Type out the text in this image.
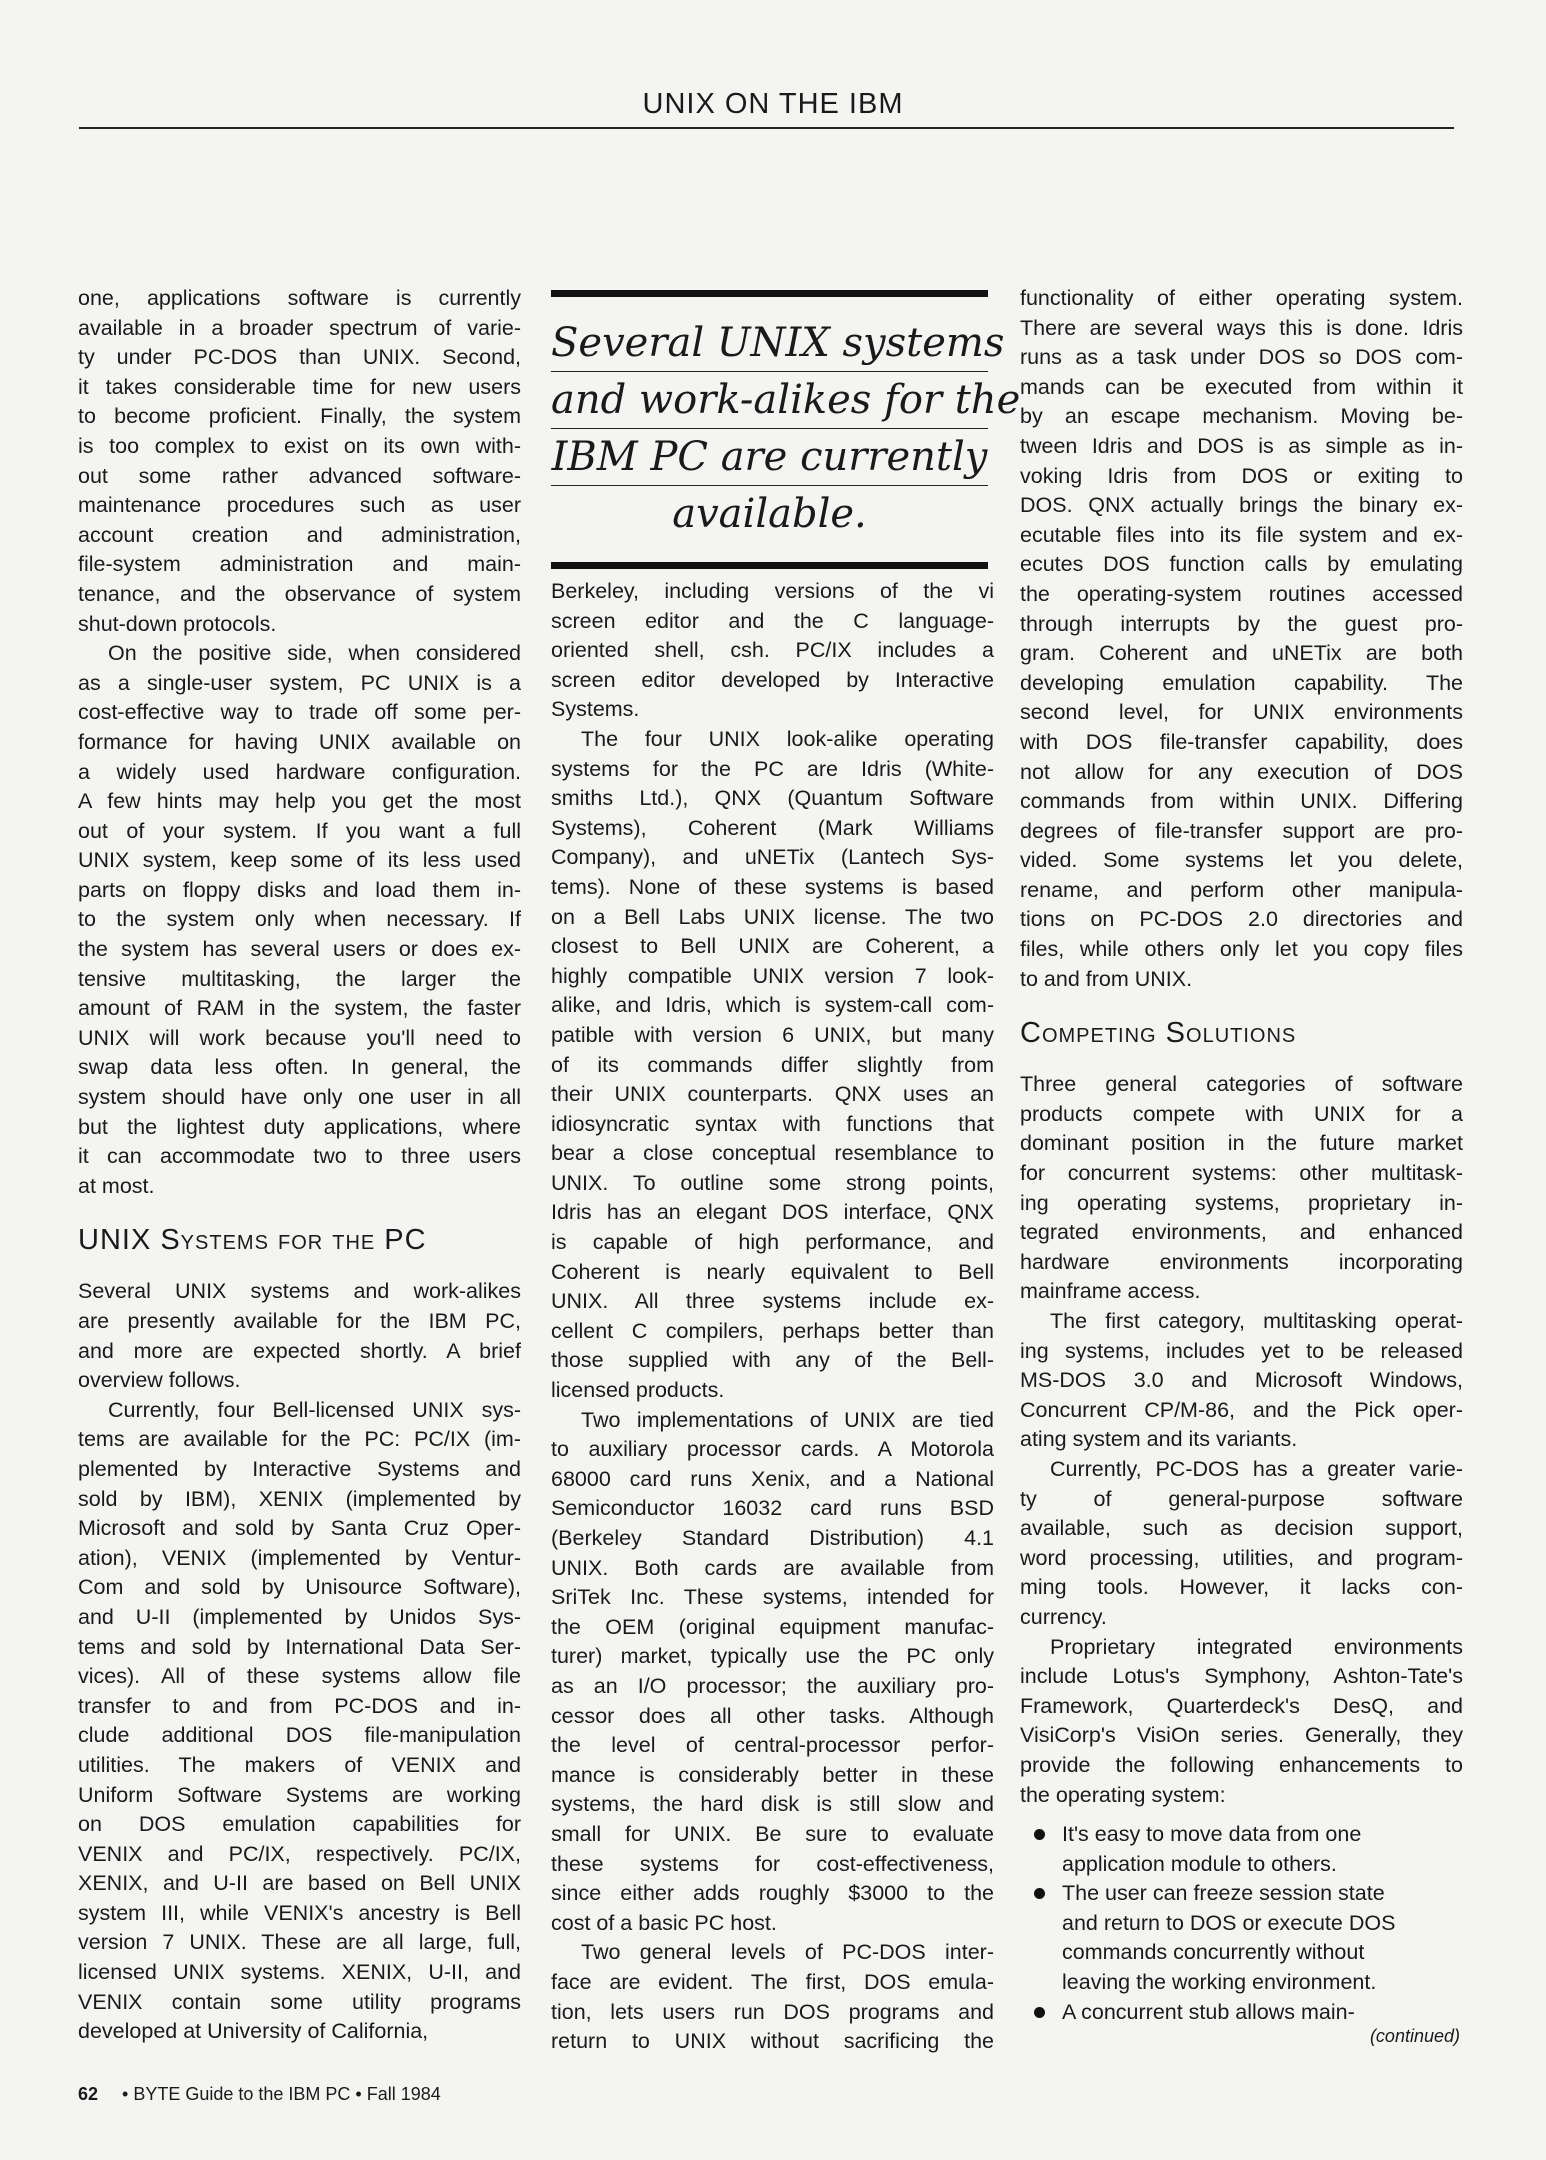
UNIX ON THE IBM
one, applications software is currently
available in a broader spectrum of varie-
ty under PC-DOS than UNIX. Second,
it takes considerable time for new users
to become proficient. Finally, the system
is too complex to exist on its own with-
out some rather advanced software-
maintenance procedures such as user
account creation and administration,
file-system administration and main-
tenance, and the observance of system
shut-down protocols.
On the positive side, when considered
as a single-user system, PC UNIX is a
cost-effective way to trade off some per-
formance for having UNIX available on
a widely used hardware configuration.
A few hints may help you get the most
out of your system. If you want a full
UNIX system, keep some of its less used
parts on floppy disks and load them in-
to the system only when necessary. If
the system has several users or does ex-
tensive multitasking, the larger the
amount of RAM in the system, the faster
UNIX will work because you'll need to
swap data less often. In general, the
system should have only one user in all
but the lightest duty applications, where
it can accommodate two to three users
at most.
UNIX Systems for the PC
Several UNIX systems and work-alikes
are presently available for the IBM PC,
and more are expected shortly. A brief
overview follows.
Currently, four Bell-licensed UNIX sys-
tems are available for the PC: PC/IX (im-
plemented by Interactive Systems and
sold by IBM), XENIX (implemented by
Microsoft and sold by Santa Cruz Oper-
ation), VENIX (implemented by Ventur-
Com and sold by Unisource Software),
and U-II (implemented by Unidos Sys-
tems and sold by International Data Ser-
vices). All of these systems allow file
transfer to and from PC-DOS and in-
clude additional DOS file-manipulation
utilities. The makers of VENIX and
Uniform Software Systems are working
on DOS emulation capabilities for
VENIX and PC/IX, respectively. PC/IX,
XENIX, and U-II are based on Bell UNIX
system III, while VENIX's ancestry is Bell
version 7 UNIX. These are all large, full,
licensed UNIX systems. XENIX, U-II, and
VENIX contain some utility programs
developed at University of California,
Several UNIX systems
and work-alikes for the
IBM PC are currently
available.
Berkeley, including versions of the vi
screen editor and the C language-
oriented shell, csh. PC/IX includes a
screen editor developed by Interactive
Systems.
The four UNIX look-alike operating
systems for the PC are Idris (White-
smiths Ltd.), QNX (Quantum Software
Systems), Coherent (Mark Williams
Company), and uNETix (Lantech Sys-
tems). None of these systems is based
on a Bell Labs UNIX license. The two
closest to Bell UNIX are Coherent, a
highly compatible UNIX version 7 look-
alike, and Idris, which is system-call com-
patible with version 6 UNIX, but many
of its commands differ slightly from
their UNIX counterparts. QNX uses an
idiosyncratic syntax with functions that
bear a close conceptual resemblance to
UNIX. To outline some strong points,
Idris has an elegant DOS interface, QNX
is capable of high performance, and
Coherent is nearly equivalent to Bell
UNIX. All three systems include ex-
cellent C compilers, perhaps better than
those supplied with any of the Bell-
licensed products.
Two implementations of UNIX are tied
to auxiliary processor cards. A Motorola
68000 card runs Xenix, and a National
Semiconductor 16032 card runs BSD
(Berkeley Standard Distribution) 4.1
UNIX. Both cards are available from
SriTek Inc. These systems, intended for
the OEM (original equipment manufac-
turer) market, typically use the PC only
as an I/O processor; the auxiliary pro-
cessor does all other tasks. Although
the level of central-processor perfor-
mance is considerably better in these
systems, the hard disk is still slow and
small for UNIX. Be sure to evaluate
these systems for cost-effectiveness,
since either adds roughly $3000 to the
cost of a basic PC host.
Two general levels of PC-DOS inter-
face are evident. The first, DOS emula-
tion, lets users run DOS programs and
return to UNIX without sacrificing the
functionality of either operating system.
There are several ways this is done. Idris
runs as a task under DOS so DOS com-
mands can be executed from within it
by an escape mechanism. Moving be-
tween Idris and DOS is as simple as in-
voking Idris from DOS or exiting to
DOS. QNX actually brings the binary ex-
ecutable files into its file system and ex-
ecutes DOS function calls by emulating
the operating-system routines accessed
through interrupts by the guest pro-
gram. Coherent and uNETix are both
developing emulation capability. The
second level, for UNIX environments
with DOS file-transfer capability, does
not allow for any execution of DOS
commands from within UNIX. Differing
degrees of file-transfer support are pro-
vided. Some systems let you delete,
rename, and perform other manipula-
tions on PC-DOS 2.0 directories and
files, while others only let you copy files
to and from UNIX.
Competing Solutions
Three general categories of software
products compete with UNIX for a
dominant position in the future market
for concurrent systems: other multitask-
ing operating systems, proprietary in-
tegrated environments, and enhanced
hardware environments incorporating
mainframe access.
The first category, multitasking operat-
ing systems, includes yet to be released
MS-DOS 3.0 and Microsoft Windows,
Concurrent CP/M-86, and the Pick oper-
ating system and its variants.
Currently, PC-DOS has a greater varie-
ty of general-purpose software
available, such as decision support,
word processing, utilities, and program-
ming tools. However, it lacks con-
currency.
Proprietary integrated environments
include Lotus's Symphony, Ashton-Tate's
Framework, Quarterdeck's DesQ, and
VisiCorp's VisiOn series. Generally, they
provide the following enhancements to
the operating system:
It's easy to move data from one
application module to others.
The user can freeze session state
and return to DOS or execute DOS
commands concurrently without
leaving the working environment.
A concurrent stub allows main-
(continued)
62 • BYTE Guide to the IBM PC • Fall 1984
